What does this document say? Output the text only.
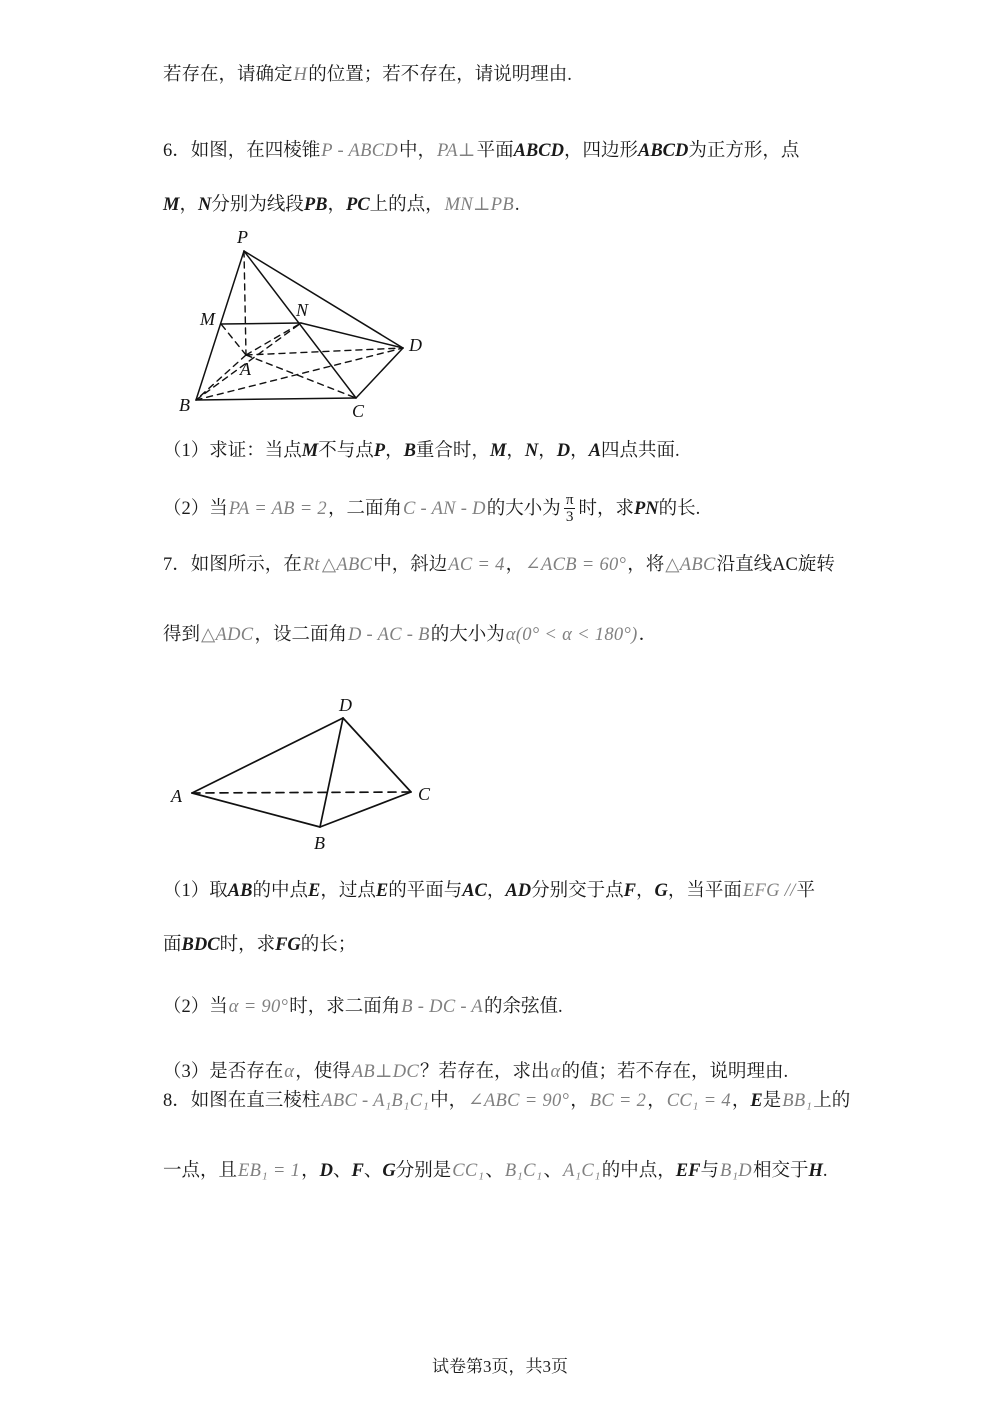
若存在，请确定H的位置；若不存在，请说明理由.
6．如图，在四棱锥P - ABCD中，PA⊥平面ABCD，四边形ABCD为正方形，点
M，N分别为线段PB，PC上的点，MN⊥PB.
P
M	N
A
B	C
D
（1）求证：当点M不与点P，B重合时，M，N，D，A四点共面.
（2）当PA = AB = 2，二面角C - AN - D的大小为 $\frac{\pi}{3}$ 时，求PN的长.
7．如图所示，在Rt △ABC中，斜边AC = 4，∠ACB = 60°，将△ABC沿直线AC旋转
得到△ADC，设二面角D - AC - B的大小为α(0° < α < 180°)．
A
B
C
D
（1）取AB的中点E，过点E的平面与AC，AD分别交于点F，G，当平面EFG //平
面BDC时，求FG的长；
（2）当α = 90°时，求二面角B - DC - A的余弦值.
（3）是否存在α，使得AB⊥DC？若存在，求出α的值；若不存在，说明理由.
8．如图在直三棱柱ABC - A₁B₁C₁中，∠ABC = 90°，BC = 2，CC₁ = 4，E是BB₁上的
一点，且EB₁ = 1，D、F、G分别是CC₁、B₁C₁、A₁C₁的中点，EF与B₁D相交于H.
试卷第3页，共3页
